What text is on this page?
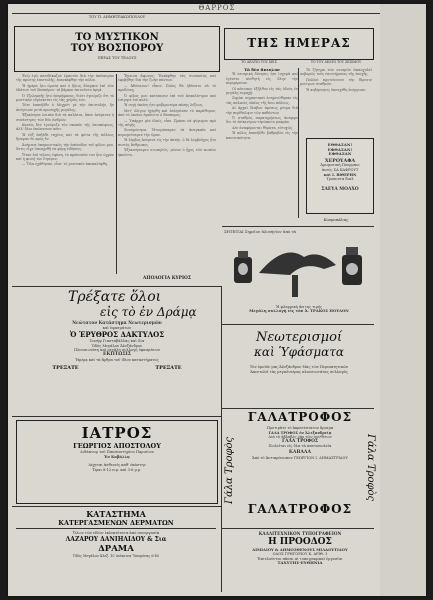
ΘΑΡΡΟΣ
ΤΟΥ Π. ΔΗΜΗΤΡΑΚΟΠΟΥΛΟΥ
ΤΟ ΜΥΣΤΙΚΟΝ
ΤΟΥ ΒΟΣΠΟΡΟΥ
ΠΕΡΑΣ ΤΟΥ ΤΕΛΟΥΣ

Ἐνῷ ἐγὼ κατεδίκαζον ἐμαυτὸν διὰ τὴν ἀπόπειραν τῆς πρώτης ἐπιστολῆς, ἐπεσκέφθην τὴν πόλιν.

Ἡ ἡμέρα ἦτο ὡραία καὶ ὁ ἥλιος ἔλαμπεν ἐπὶ τῶν ὑδάτων τοῦ Βοσπόρου· αἱ βάρκαι ἐκινοῦντο ἀργά.

Ὁ Τζελεμπῆς ἦτο ὑπερήφανος, διότι ἐγνώριζε ὅτι τὸ μυστικὸν εὑρίσκεται εἰς τὰς χεῖράς του.

Τότε ἐπανῆλθε ὁ Μεχμέτ μὲ τὴν ἐπιστολήν, ἣν ἀνέγνωσε μετὰ προσοχῆς μεγάλης.

Ἐξεκίνησα λοιπὸν διὰ τὰ παλάτια, ὅπου ἀνέμενεν ἡ συνάντησις τῶν δύο ἀνδρῶν.

Κανεὶς δὲν ἐγνώριζε τὸν σκοπὸν τῆς ἐπισκέψεως, ἀλλ' ὅλοι ὑπώπτευον κάτι.

Ἡ νὺξ ἐπῆλθε ταχέως καὶ τὰ φῶτα τῆς πόλεως ἤναψαν ἓν πρὸς ἕν.

Ἀνέμενα ὑπομονετικῶς τὴν ἐπάνοδον τοῦ φίλου μου, ὅστις εἶχε ὑποσχεθῆ νὰ φέρῃ εἰδήσεις.

Ὅταν ἐπὶ τέλους ἐφάνη, τὸ πρόσωπόν του ἦτο ὠχρὸν καὶ ἡ φωνή του ἔτρεμεν.

— Ὅλα ἐχάθησαν, εἶπε· τὸ μυστικὸν ἀπεκαλύφθη.

Ἔμεινα ἄφωνος. Ἐσκέφθην τὰς συνεπείας καὶ ἐφοβήθην διὰ τὴν ζωὴν πάντων.

— Ἀδύνατον! εἶπον. Ποῖος θὰ ἠδύνατο νὰ τὸ προδώσῃ;

Ὁ φίλος μου κατέπεσεν ἐπὶ τοῦ ἀνακλίντρου καὶ ἐσίγησε ἐπὶ πολύ.

Ἡ σιγὴ ἐκείνη ἦτο φοβερωτέρα πάσης λέξεως.

Μετ' ὀλίγον ἠγέρθη καὶ ἐπλησίασε τὸ παράθυρον, ἀπὸ τὸ ὁποῖον ἐφαίνετο ὁ Βόσπορος.

— Ὑπάρχει μία ἐλπίς, εἶπε. Πρέπει νὰ φύγωμεν πρὸ τῆς αὐγῆς.

Συνεφώνησα. Ἠτοιμάσαμεν τὰ ἀναγκαῖα καὶ περιεμείναμεν τὴν ὥραν.

Ἡ λέμβος ἀνέμενε εἰς τὴν ἀκτήν, ὁ δὲ λεμβοῦχος ἦτο πιστὸς ἄνθρωπος.

Ἐξεκινήσαμεν σιωπηλῶς· μόνον ὁ ἦχος τῶν κωπῶν ἠκούετο.

ΑΠΟΛΟΓΙΑ ΚΥΡΙΟΣ
ΤΗΣ ΗΜΕΡΑΣ
ΤΟ ΔΕΛΤΙΟ ΤΟΥ ΣΕΙΣ	ΤΟ ΤΟΥ ΔΕΛΤΟ ΤΟΥ ΣΕΙΣΜΟΥ
Τὸ δὲν ἄνευλον

Ἡ σεισμικὴ δόνησις ἦτο ἰσχυρὰ καὶ ἐγένετο αἰσθητὴ εἰς ὅλην τὴν περιφέρειαν.

Οἱ κάτοικοι ἐξῆλθον εἰς τὰς ὁδοὺς ἐν μεγάλῃ ταραχῇ.

Ζημίαι σημαντικαὶ ἐσημειώθησαν εἰς τὰς παλαιὰς οἰκίας τῆς ἄνω πόλεως.

Αἱ ἀρχαὶ ἔλαβον ἀμέσως μέτρα διὰ τὴν περίθαλψιν τῶν παθόντων.

Ὁ σταθμὸς παρατηρήσεως ἀνέφερε ὅτι τὸ ἐπίκεντρον εὑρίσκετο μακράν.

Δὲν ἀναφέρονται θύματα, εὐτυχῶς.

Ἡ πόλις ἐπανῆλθε βαθμηδὸν εἰς τὴν κανονικότητα.

Τὸ ζήτημα τῶν σεισμῶν ἀπασχολεῖ σοβαρῶς τοὺς ἐπιστήμονας τῆς ἐποχῆς.

Πολλοὶ προτείνουσι τὴν ἵδρυσιν μονίμων σταθμῶν.

Ἡ κυβέρνησις ὑπεσχέθη ἐνέργειαν.

Κοσμοπόλιας
ΕΘΘΑΣΑΝ!
ΕΦΘΑΣΑΝ!
ΕΦΘΑΣΑΝ
ΧΕΡΟΥΑΦΑ
Ἀρωματικὴ Πουρμπιο
ἀνεὐς ΣΑ ΚΑΦΡΟΥΤ
καὶ Ι. ΒΙΘΕΡΗΝ
Τροπουτα διαλ
ΣΑΕΥΑ ΜΟΛΧΟ
ΣΗΤΕΙΤΑΙ Σημεῖον ἀλουὴνὶον ἀπὸ τὰ
Ἡ φλαρρική ἀπ της τιμής
Μεγάλη συλλογὴ εἰς τὸν Ἀ. ΤΡΑΚΟΣ ΠΟΥΛΟΝ
Τρέξατε ὅλοι
εἰς τὸ ἐν Δράμᾳ
Νεώτατον Κατάστημα Νεωτερισμῶν
καὶ ὑφασμάτων
Ὁ ΈΡΥΘΡΟΣ ΔΑΚΤΥΛΟΣ
Ἰωσὴφ Γιασταβάλλας καὶ Σία
Ὁδὸς Μεγάλου Ἀλεξάνδρου
Πλουσιωτάτη καὶ μεγάλη συλλογὴ ὑφασμάτων
ΕΚΠΤΩΣΙΣ
Ἠμέρᾳ καὶ τὰ ἄρθρα τοῦ ἰδίου καταστήματος
ΤΡΕΞΑΤΕ	ΤΡΕΞΑΤΕ
Νεωτερισμοί
καὶ Ὑφάσματα
Τὸν ὁμοῖόν μας Ἀλεξάνδρου Μας τῶν Περιπατητικῶν
Ἀπεντελεῖ τὰς μεγαλυτέρας πλουσιωτάτας συλλογὰς
ΙΑΤΡΟΣ
ΓΕΩΡΓΙΟΣ ΑΠΟΣΤΟΛΟΥ
Διδάκτωρ τοῦ Πανεπιστημίου Παρισίων
Ἐν Καβάλλᾳ
Δέχεται ἀσθενεῖς καθ' ἑκάστην
Ὥραι 8-12 π.μ. καὶ 3-6 μ.μ.
ΚΑΤΑΣΤΗΜΑ
ΚΑΤΕΡΓΑΣΜΕΝΩΝ ΔΕΡΜΑΤΩΝ
Ὅλων τῶν εἰδῶν ἐκλεκτότατα ἀπὸ συνεργασία
ΛΑΖΑΡΟΥ ΔΑΝΙΗΛΙΔΟΥ & Σια
ΔΡΑΜΑ
Ὁδὸς Μεγάλου Ἀλεξ. 10 Διάκεινα Ὑπαμόνας 6-40
ΓΑΛΑΤΡΟΦΟΣ
Γάλα Τροφὸς	Γάλα Τροφὸς
Προτιμᾶτε τὸ ἀκρατέστατον ἄρισμα
ΓΑΛΑ ΤΡΟΦΟΣ ἐν Ἀλεξανδρείᾳ
Διὰ τὸ ἀβλαβὲς γὰρ τῶν συνθέτων
ΓΑΛΑ ΤΡΟΦΟΣ
Πωλεῖται εἰς ὅλα τὰ παντοπωλεῖα
ΚΑΒΑΛΑ
Ἀπὸ τὸ Ἀντιπρόσωπον ΓΕΩΡΓΙΟΝ Ι. ΔΗΜΑΣΤΡΙΔΟΥ
ΓΑΛΑΤΡΟΦΟΣ
ΚΑΛΛΙΤΕΧΝΙΚΟΝ ΤΥΠΟΓΡΑΦΕΙΟΝ
Η ΠΡΟΟΔΟΣ
ΔΙΜΙΔΙΟΥ & ΔΗΜΟΣΘΕΝΟΥΣ ΜΙΛΑΟΥΤΙΔΟΥ
ΟΔΟΣ ΓΡΗΓΟΡΙΟΥ Κ. ΑΡΙΘ. 3
Ἐκτελοῦνται πᾶσαι αἱ τυπογραφικαὶ ἐργασίαι
ΤΑΧΥΤΗΣ-ΕΥΘΗΝΙΑ
